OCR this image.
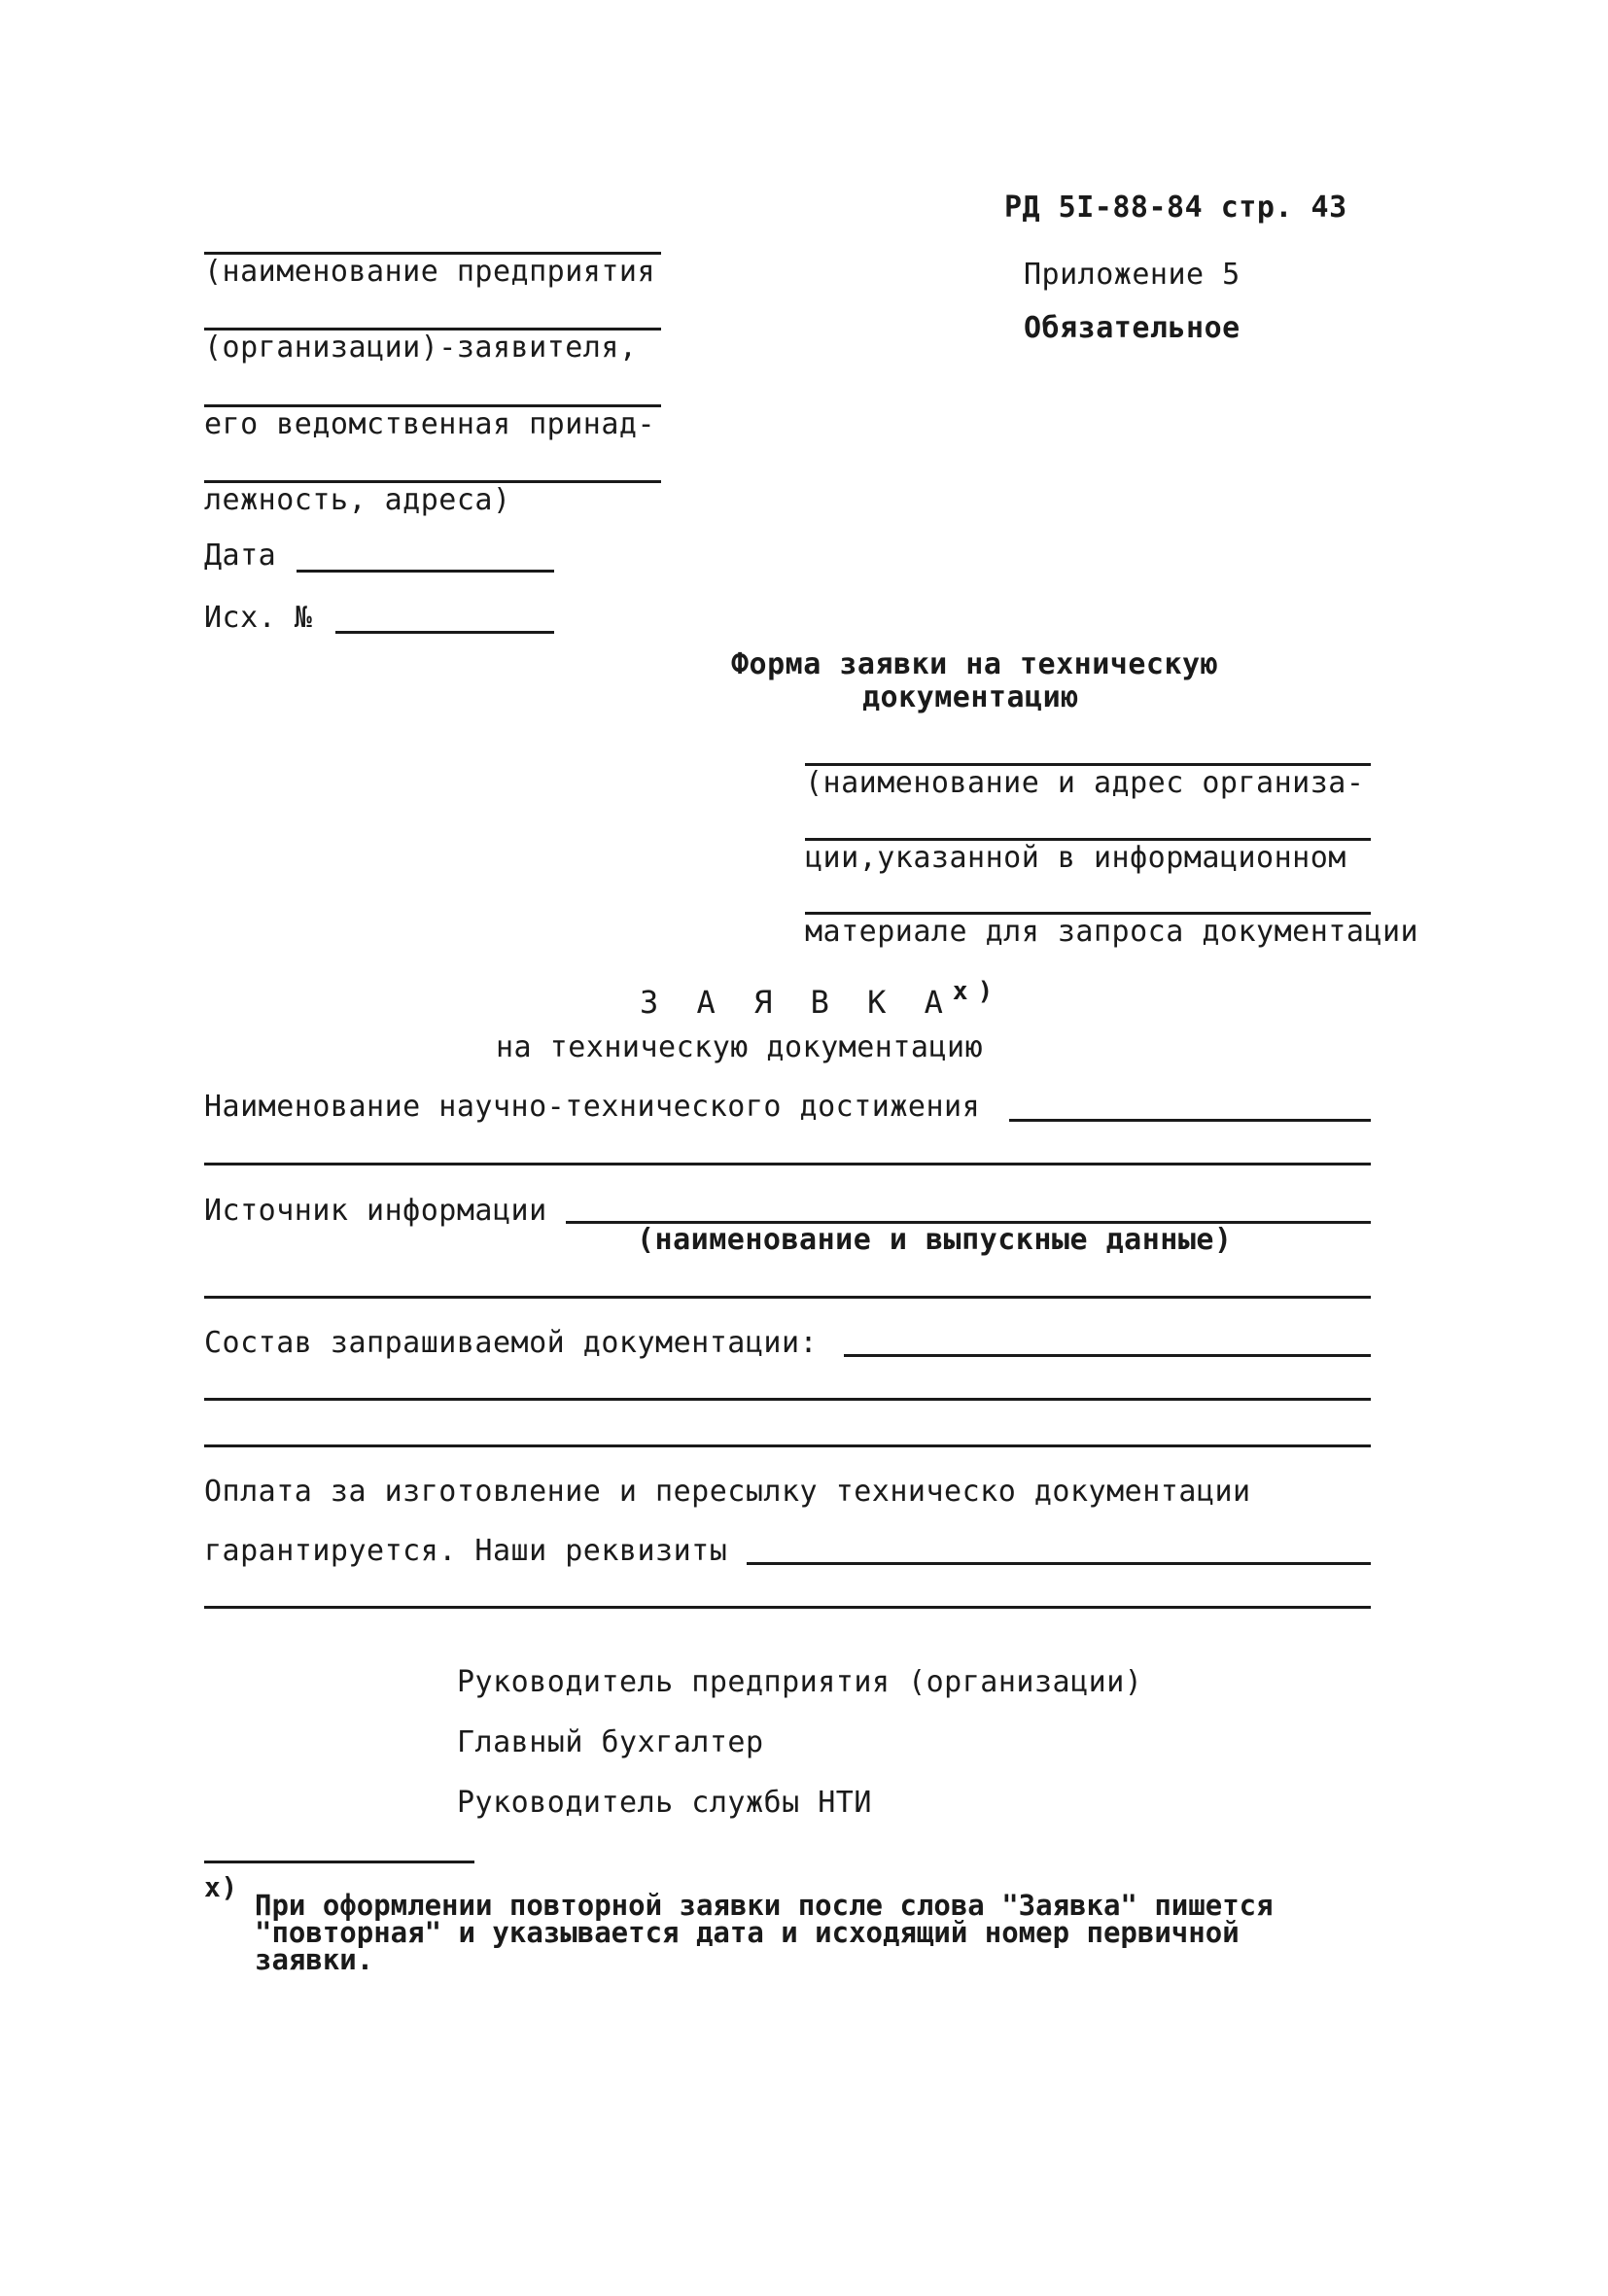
РД 5I-88-84 стр. 43
Приложение 5
Обязательное
(наименование предприятия
(организации)-заявителя,
его ведомственная принад-
лежность, адреса)
Дата
Исх. №
Форма заявки на техническую
документацию
(наименование и адрес организа-
ции,указанной в информационном
материале для запроса документации
З А Я В К $А^{x)}$
на техническую документацию
Наименование научно-технического достижения
Источник информации
(наименование и выпускные данные)
Состав запрашиваемой документации:
Оплата за изготовление и пересылку техническо документации
гарантируется. Наши реквизиты
Руководитель предприятия (организации)
Главный бухгалтер
Руководитель службы НТИ
x)
При оформлении повторной заявки после слова "Заявка" пишется
"повторная" и указывается дата и исходящий номер первичной
заявки.
